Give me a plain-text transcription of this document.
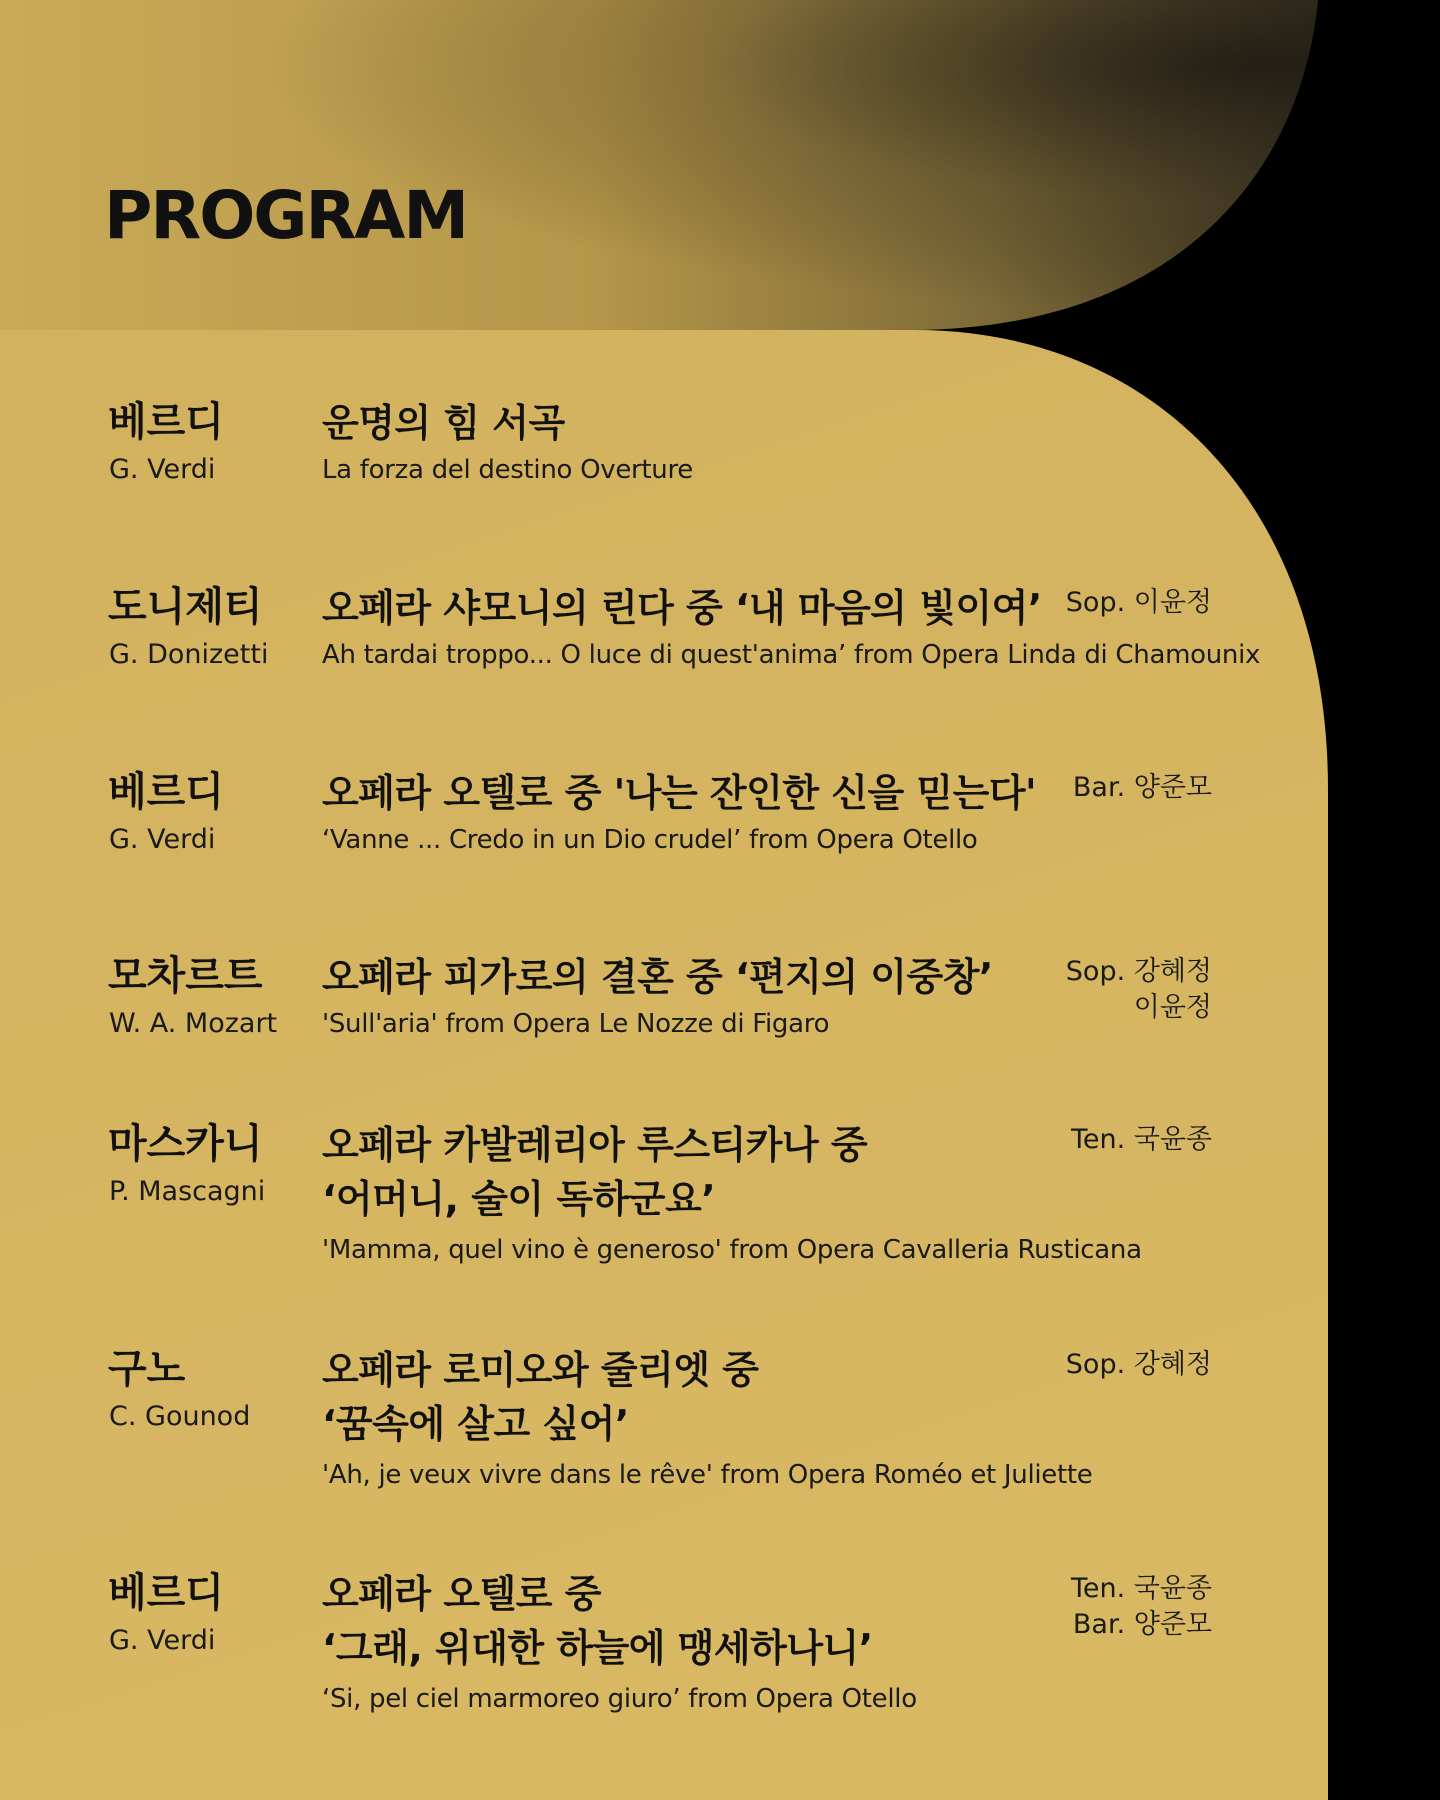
PROGRAM
베르디
G. Verdi
운명의 힘 서곡
La forza del destino Overture
도니제티
G. Donizetti
오페라 샤모니의 린다 중 ‘내 마음의 빛이여’
Ah tardai troppo... O luce di quest'anima’ from Opera Linda di Chamounix
Sop. 이윤정
베르디
G. Verdi
오페라 오텔로 중 '나는 잔인한 신을 믿는다'
‘Vanne ... Credo in un Dio crudel’ from Opera Otello
Bar. 양준모
모차르트
W. A. Mozart
오페라 피가로의 결혼 중 ‘편지의 이중창’
'Sull'aria' from Opera Le Nozze di Figaro
Sop. 강혜정
이윤정
마스카니
P. Mascagni
오페라 카발레리아 루스티카나 중
‘어머니, 술이 독하군요’
'Mamma, quel vino è generoso' from Opera Cavalleria Rusticana
Ten. 국윤종
구노
C. Gounod
오페라 로미오와 줄리엣 중
‘꿈속에 살고 싶어’
'Ah, je veux vivre dans le rêve' from Opera Roméo et Juliette
Sop. 강혜정
베르디
G. Verdi
오페라 오텔로 중
‘그래, 위대한 하늘에 맹세하나니’
‘Si, pel ciel marmoreo giuro’ from Opera Otello
Ten. 국윤종
Bar. 양준모
